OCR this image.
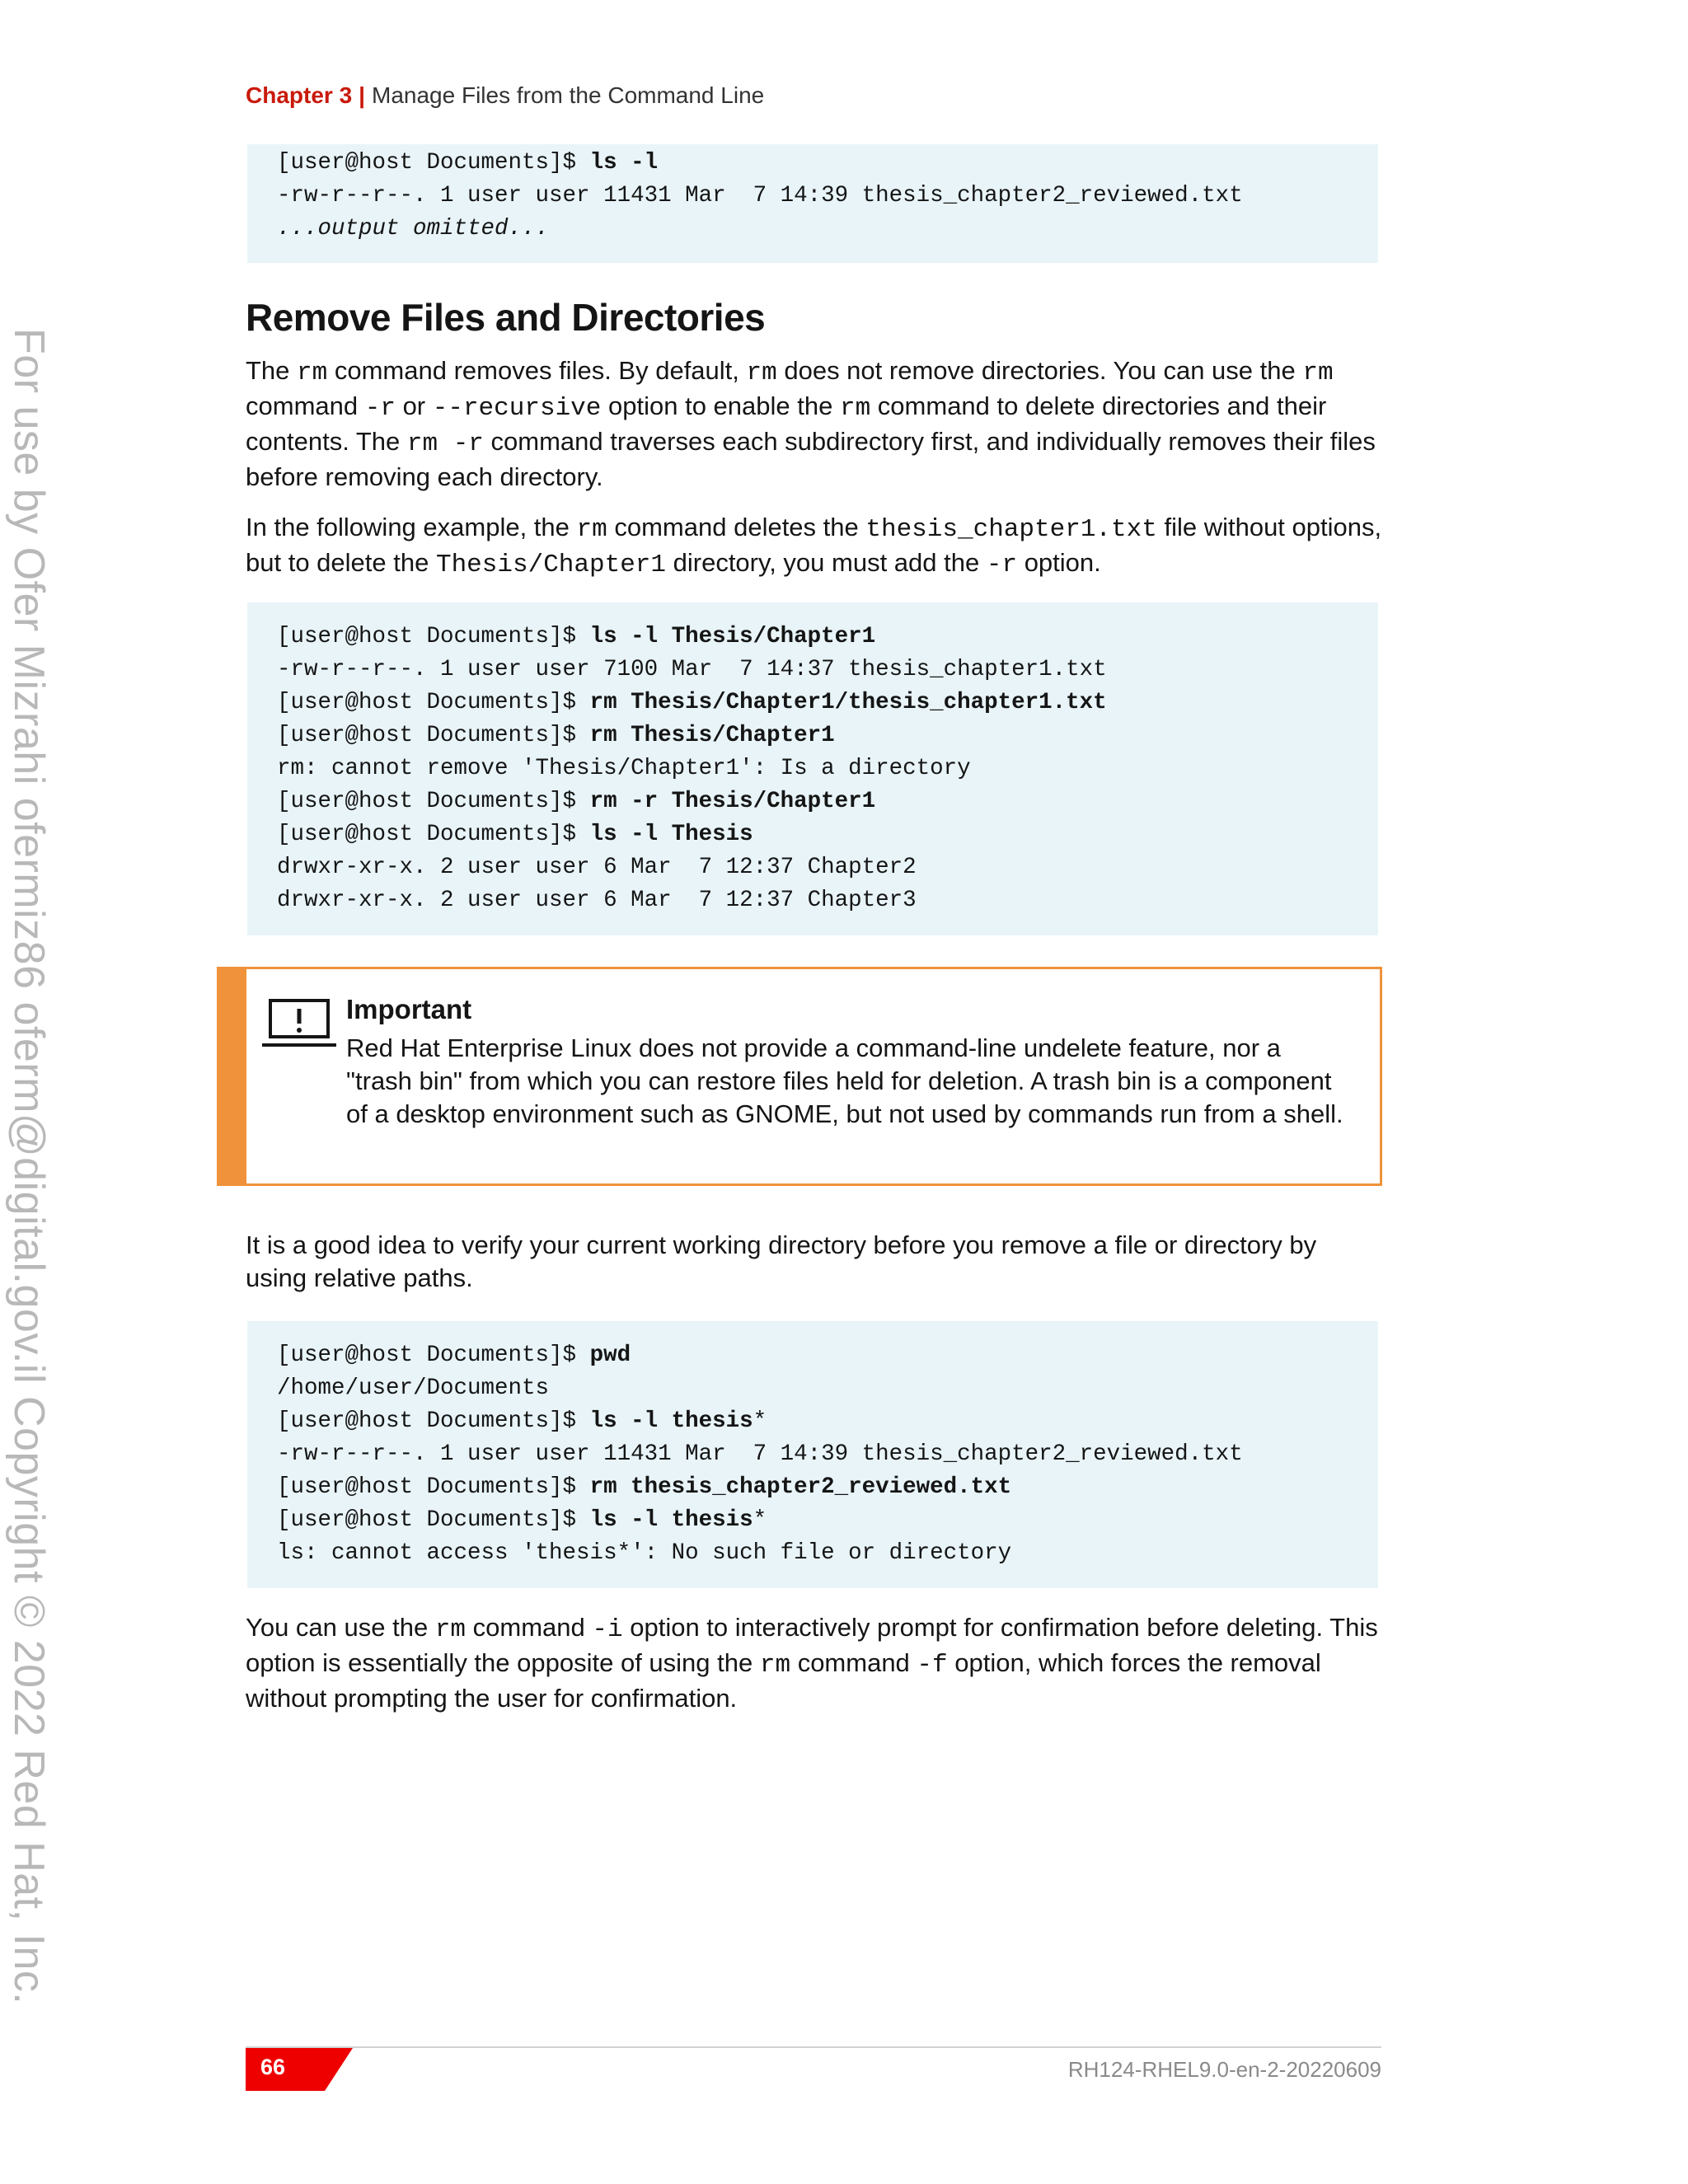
For use by Ofer Mizrahi ofermiz86 oferm@digital.gov.il Copyright © 2022 Red Hat, Inc.
Chapter 3 | Manage Files from the Command Line
[user@host Documents]$ ls -l
-rw-r--r--. 1 user user 11431 Mar  7 14:39 thesis_chapter2_reviewed.txt
...output omitted...
Remove Files and Directories

The rm command removes files. By default, rm does not remove directories. You can use the rm command -r or --recursive option to enable the rm command to delete directories and their contents. The rm -r command traverses each subdirectory first, and individually removes their files before removing each directory.

In the following example, the rm command deletes the thesis_chapter1.txt file without options, but to delete the Thesis/Chapter1 directory, you must add the -r option.

[user@host Documents]$ ls -l Thesis/Chapter1
-rw-r--r--. 1 user user 7100 Mar  7 14:37 thesis_chapter1.txt
[user@host Documents]$ rm Thesis/Chapter1/thesis_chapter1.txt
[user@host Documents]$ rm Thesis/Chapter1
rm: cannot remove 'Thesis/Chapter1': Is a directory
[user@host Documents]$ rm -r Thesis/Chapter1
[user@host Documents]$ ls -l Thesis
drwxr-xr-x. 2 user user 6 Mar  7 12:37 Chapter2
drwxr-xr-x. 2 user user 6 Mar  7 12:37 Chapter3
Important
Red Hat Enterprise Linux does not provide a command-line undelete feature, nor a "trash bin" from which you can restore files held for deletion. A trash bin is a component of a desktop environment such as GNOME, but not used by commands run from a shell.

It is a good idea to verify your current working directory before you remove a file or directory by using relative paths.

[user@host Documents]$ pwd
/home/user/Documents
[user@host Documents]$ ls -l thesis*
-rw-r--r--. 1 user user 11431 Mar  7 14:39 thesis_chapter2_reviewed.txt
[user@host Documents]$ rm thesis_chapter2_reviewed.txt
[user@host Documents]$ ls -l thesis*
ls: cannot access 'thesis*': No such file or directory

You can use the rm command -i option to interactively prompt for confirmation before deleting. This option is essentially the opposite of using the rm command -f option, which forces the removal without prompting the user for confirmation.

66	RH124-RHEL9.0-en-2-20220609
